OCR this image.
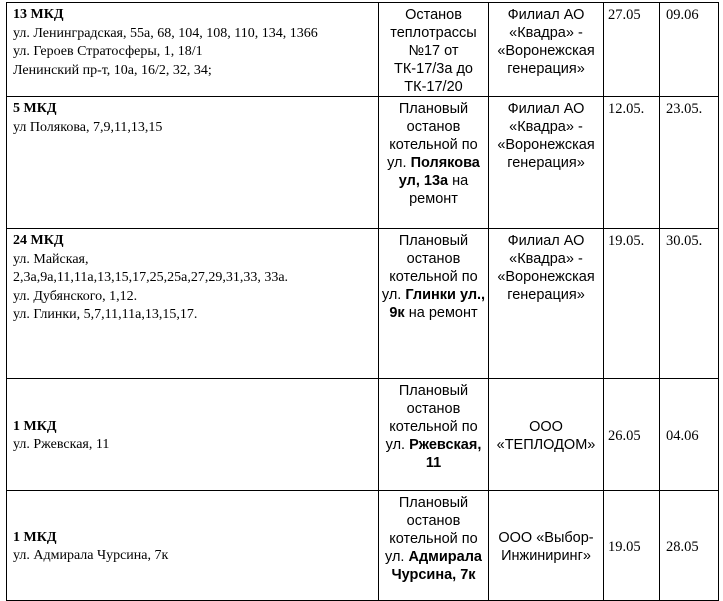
13 МКД
ул. Ленинградская, 55а, 68, 104, 108, 110, 134, 1366
ул. Героев Стратосферы, 1, 18/1
Ленинский пр-т, 10а, 16/2, 32, 34;	Останов теплотрассы №17 от ТК-17/3а до ТК-17/20	Филиал АО «Квадра» - «Воронежская генерация»	27.05	09.06

5 МКД
ул Полякова, 7,9,11,13,15	Плановый останов котельной по ул. Полякова ул, 13а на ремонт	Филиал АО «Квадра» - «Воронежская генерация»	12.05.	23.05.

24 МКД
ул. Майская,
2,3а,9а,11,11а,13,15,17,25,25а,27,29,31,33, 33а.
ул. Дубянского, 1,12.
ул. Глинки, 5,7,11,11а,13,15,17.	Плановый останов котельной по ул. Глинки ул., 9к на ремонт	Филиал АО «Квадра» - «Воронежская генерация»	19.05.	30.05.

1 МКД
ул. Ржевская, 11	Плановый останов котельной по ул. Ржевская, 11	ООО «ТЕПЛОДОМ»	26.05	04.06

1 МКД
ул. Адмирала Чурсина, 7к	Плановый останов котельной по ул. Адмирала Чурсина, 7к	ООО «Выбор-Инжиниринг»	19.05	28.05
